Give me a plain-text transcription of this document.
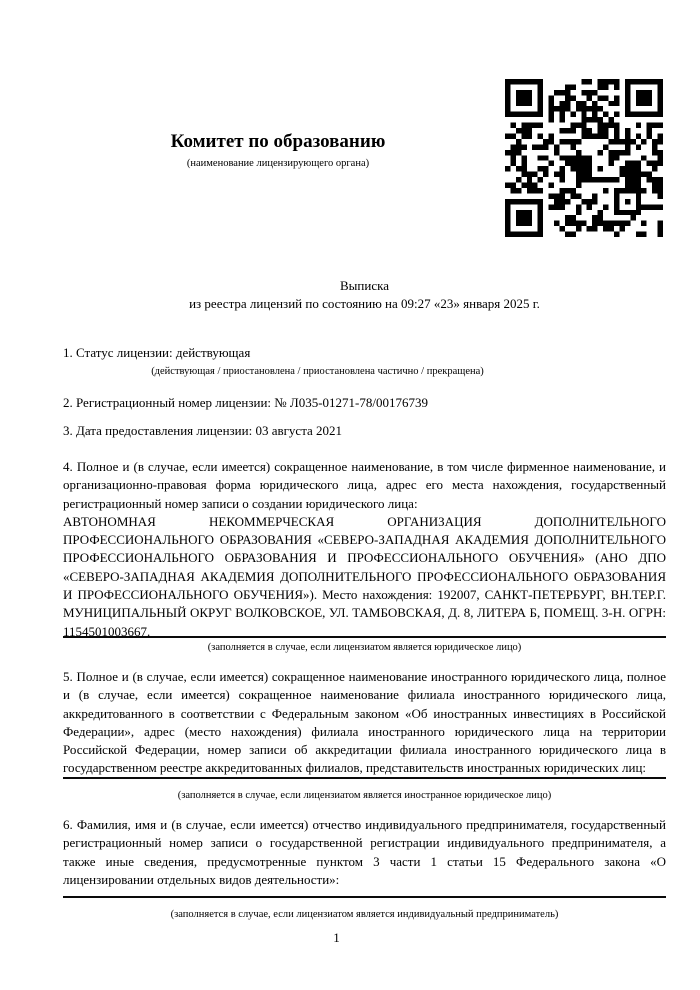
Комитет по образованию
(наименование лицензирующего органа)
Выписка
из реестра лицензий по состоянию на 09:27 «23» января 2025 г.
1. Статус лицензии: действующая
(действующая / приостановлена / приостановлена частично / прекращена)
2. Регистрационный номер лицензии: № Л035-01271-78/00176739
3. Дата предоставления лицензии: 03 августа 2021

4. Полное и (в случае, если имеется) сокращенное наименование, в том числе фирменное наименование, и организационно-правовая форма юридического лица, адрес его места нахождения, государственный регистрационный номер записи о создании юридического лица:

АВТОНОМНАЯ НЕКОММЕРЧЕСКАЯ ОРГАНИЗАЦИЯ ДОПОЛНИТЕЛЬНОГО ПРОФЕССИОНАЛЬНОГО ОБРАЗОВАНИЯ «СЕВЕРО-ЗАПАДНАЯ АКАДЕМИЯ ДОПОЛНИТЕЛЬНОГО ПРОФЕССИОНАЛЬНОГО ОБРАЗОВАНИЯ И ПРОФЕССИОНАЛЬНОГО ОБУЧЕНИЯ» (АНО ДПО «СЕВЕРО-ЗАПАДНАЯ АКАДЕМИЯ ДОПОЛНИТЕЛЬНОГО ПРОФЕССИОНАЛЬНОГО ОБРАЗОВАНИЯ И ПРОФЕССИОНАЛЬНОГО ОБУЧЕНИЯ»). Место нахождения: 192007, САНКТ-ПЕТЕРБУРГ, ВН.ТЕР.Г. МУНИЦИПАЛЬНЫЙ ОКРУГ ВОЛКОВСКОЕ, УЛ. ТАМБОВСКАЯ, Д. 8, ЛИТЕРА Б, ПОМЕЩ. 3-Н. ОГРН: 1154501003667.

(заполняется в случае, если лицензиатом является юридическое лицо)

5. Полное и (в случае, если имеется) сокращенное наименование иностранного юридического лица, полное и (в случае, если имеется) сокращенное наименование филиала иностранного юридического лица, аккредитованного в соответствии с Федеральным законом «Об иностранных инвестициях в Российской Федерации», адрес (место нахождения) филиала иностранного юридического лица на территории Российской Федерации, номер записи об аккредитации филиала иностранного юридического лица в государственном реестре аккредитованных филиалов, представительств иностранных юридических лиц:

(заполняется в случае, если лицензиатом является иностранное юридическое лицо)

6. Фамилия, имя и (в случае, если имеется) отчество индивидуального предпринимателя, государственный регистрационный номер записи о государственной регистрации индивидуального предпринимателя, а также иные сведения, предусмотренные пунктом 3 части 1 статьи 15 Федерального закона «О лицензировании отдельных видов деятельности»:

(заполняется в случае, если лицензиатом является индивидуальный предприниматель)
1
